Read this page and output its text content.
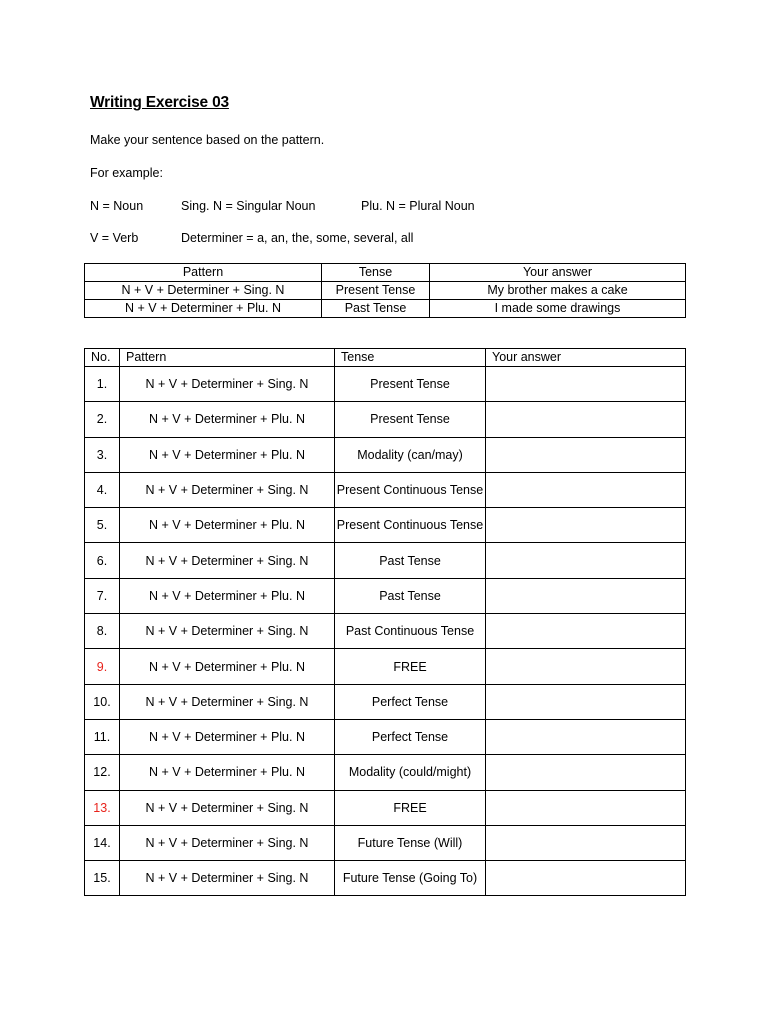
Writing Exercise 03
Make your sentence based on the pattern.
For example:
N = Noun	Sing. N = Singular Noun	Plu. N = Plural Noun
V = Verb	Determiner = a, an, the, some, several, all
Pattern	Tense	Your answer
N + V + Determiner + Sing. N	Present Tense	My brother makes a cake
N + V + Determiner + Plu. N	Past Tense	I made some drawings
No.	Pattern	Tense	Your answer
1.	N + V + Determiner + Sing. N	Present Tense	
2.	N + V + Determiner + Plu. N	Present Tense	
3.	N + V + Determiner + Plu. N	Modality (can/may)	
4.	N + V + Determiner + Sing. N	Present Continuous Tense	
5.	N + V + Determiner + Plu. N	Present Continuous Tense	
6.	N + V + Determiner + Sing. N	Past Tense	
7.	N + V + Determiner + Plu. N	Past Tense	
8.	N + V + Determiner + Sing. N	Past Continuous Tense	
9.	N + V + Determiner + Plu. N	FREE	
10.	N + V + Determiner + Sing. N	Perfect Tense	
11.	N + V + Determiner + Plu. N	Perfect Tense	
12.	N + V + Determiner + Plu. N	Modality (could/might)	
13.	N + V + Determiner + Sing. N	FREE	
14.	N + V + Determiner + Sing. N	Future Tense (Will)	
15.	N + V + Determiner + Sing. N	Future Tense (Going To)	
